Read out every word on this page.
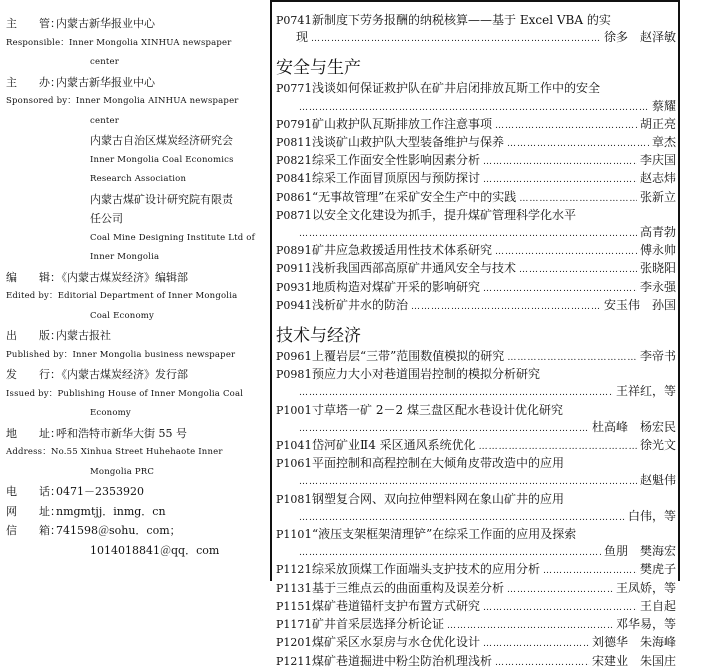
主　　管：
内蒙古新华报业中心
Responsible： Inner Mongolia XINHUA newspaper
center
主　　办：
内蒙古新华报业中心
Sponsored by： Inner Mongolia AINHUA newspaper
center
内蒙古自治区煤炭经济研究会
Inner Mongolia Coal Economics
Research Association
内蒙古煤矿设计研究院有限责
任公司
Coal Mine Designing Institute Ltd of
Inner Mongolia
编　　辑：
《内蒙古煤炭经济》编辑部
Edited by： Editorial Department of Inner Mongolia
Coal Economy
出　　版：
内蒙古报社
Published by： Inner Mongolia business newspaper
发　　行：
《内蒙古煤炭经济》发行部
Issued by： Publishing House of Inner Mongolia Coal
Economy
地　　址：
呼和浩特市新华大街 55 号
Address： No.55 Xinhua Street Huhehaote Inner
Mongolia PRC
电　　话：
0471－2353920
网　　址：
nmgmtjj．inmg．cn
信　　箱：
741598＠sohu．com；
1014018841＠qq．com
P074 1新制度下劳务报酬的纳税核算——基于 Excel VBA 的实
现 ……………………………………………………………………………………………………………………………………	徐多　赵泽敏
安全与生产
P077 1浅谈如何保证救护队在矿井启闭排放瓦斯工作中的安全
……………………………………………………………………………………………………………………………………
蔡耀
P079 1矿山救护队瓦斯排放工作注意事项 ……………………………………………………………………………………………………………………………………	胡正亮
P081 1浅谈矿山救护队大型装备维护与保养 ……………………………………………………………………………………………………………………………………	章杰
P082 1综采工作面安全性影响因素分析 ……………………………………………………………………………………………………………………………………	李庆国
P084 1综采工作面冒顶原因与预防探讨 ……………………………………………………………………………………………………………………………………	赵志炜
P086 1“无事故管理”在采矿安全生产中的实践 ……………………………………………………………………………………………………………………………………	张新立
P087 1以安全文化建设为抓手，提升煤矿管理科学化水平
……………………………………………………………………………………………………………………………………
高青勃
P089 1矿井应急救援适用性技术体系研究 ……………………………………………………………………………………………………………………………………	傅永帅
P091 1浅析我国西部高原矿井通风安全与技术 ……………………………………………………………………………………………………………………………………	张晓阳
P093 1地质构造对煤矿开采的影响研究 ……………………………………………………………………………………………………………………………………	李永强
P094 1浅析矿井水的防治 ……………………………………………………………………………………………………………………………………	安玉伟　孙国
技术与经济
P096 1上覆岩层“三带”范围数值模拟的研究 ……………………………………………………………………………………………………………………………………	李帝书
P098 1预应力大小对巷道围岩控制的模拟分析研究
……………………………………………………………………………………………………………………………………
王祥红，等
P100 1寸草塔一矿 2－2 煤三盘区配水巷设计优化研究
……………………………………………………………………………………………………………………………………
杜高峰　杨宏民
P104 1岱河矿业Ⅱ4 采区通风系统优化 ……………………………………………………………………………………………………………………………………	徐光文
P106 1平面控制和高程控制在大倾角皮带改造中的应用
……………………………………………………………………………………………………………………………………
赵魁伟
P108 1钢塑复合网、双向拉伸塑料网在象山矿井的应用
……………………………………………………………………………………………………………………………………
白伟，等
P110 1“液压支架框架清理铲”在综采工作面的应用及探索
……………………………………………………………………………………………………………………………………
鱼朋　樊海宏
P112 1综采放顶煤工作面端头支护技术的应用分析 ……………………………………………………………………………………………………………………………………	樊虎子
P113 1基于三维点云的曲面重构及误差分析 ……………………………………………………………………………………………………………………………………	王凤娇，等
P115 1煤矿巷道锚杆支护布置方式研究 ……………………………………………………………………………………………………………………………………	王自起
P117 1矿井首采层选择分析论证 ……………………………………………………………………………………………………………………………………	邓华易，等
P120 1煤矿采区水泵房与水仓优化设计 ……………………………………………………………………………………………………………………………………	刘德华　朱海峰
P121 1煤矿巷道掘进中粉尘防治机理浅析 ……………………………………………………………………………………………………………………………………	宋建业　朱国庄
